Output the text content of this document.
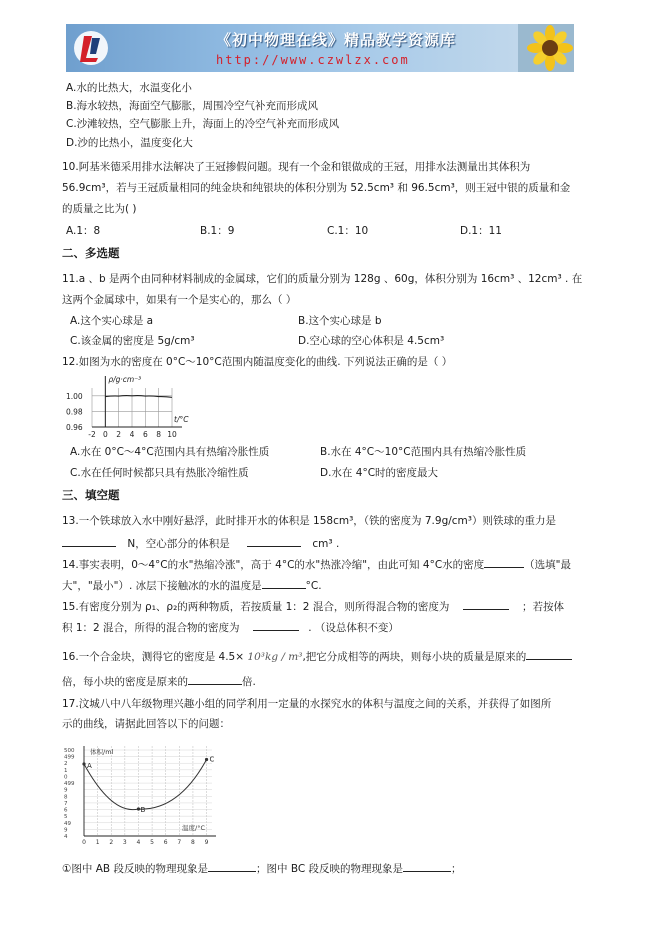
《初中物理在线》精品教学资源库
http://www.czwlzx.com
A.水的比热大，水温变化小
B.海水较热，海面空气膨胀，周围冷空气补充而形成风
C.沙滩较热，空气膨胀上升，海面上的冷空气补充而形成风
D.沙的比热小，温度变化大
10.阿基米德采用排水法解决了王冠掺假问题。现有一个金和银做成的王冠，用排水法测量出其体积为
56.9cm³，若与王冠质量相同的纯金块和纯银块的体积分别为 52.5cm³ 和 96.5cm³，则王冠中银的质量和金
的质量之比为( )
A.1：8	B.1：9	C.1：10	D.1：11
二、多选题
11.a 、b 是两个由同种材料制成的金属球，它们的质量分别为 128g 、60g，体积分别为 16cm³ 、12cm³ . 在
这两个金属球中，如果有一个是实心的，那么（ ）
A.这个实心球是 a	B.这个实心球是 b
C.该金属的密度是 5g/cm³	D.空心球的空心体积是 4.5cm³
12.如图为水的密度在 0°C～10°C范围内随温度变化的曲线. 下列说法正确的是（ ）
ρ/g·cm⁻³
t/°C
1.00
0.98
0.96
-2 0 2 4 6 8 10
A.水在 0°C～4°C范围内具有热缩冷胀性质	B.水在 4°C～10°C范围内具有热缩冷胀性质
C.水在任何时候都只具有热胀冷缩性质	D.水在 4°C时的密度最大
三、填空题
13.一个铁球放入水中刚好悬浮，此时排开水的体积是 158cm³，（铁的密度为 7.9g/cm³）则铁球的重力是
N，空心部分的体积是	cm³ .
14.事实表明，0～4°C的水"热缩冷涨"，高于 4°C的水"热涨冷缩"，由此可知 4°C水的密度	（选填"最
大"，"最小"）. 冰层下接触冰的水的温度是	°C.
15.有密度分别为 ρ₁、ρ₂的两种物质，若按质量 1：2 混合，则所得混合物的密度为	；若按体
积 1：2 混合，所得的混合物的密度为	. （设总体积不变）
16.一个合金块，测得它的密度是 4.5× 10³kg / m³,把它分成相等的两块，则每小块的质量是原来的
倍，每小块的密度是原来的	倍.
17.汶城八中八年级物理兴趣小组的同学利用一定量的水探究水的体积与温度之间的关系，并获得了如图所
示的曲线，请据此回答以下的问题：
500
499
2
1
0
499
9
8
7
6
5
49
9
4
0 1 2 3 4 5 6 7 8 9
体积/ml
温度/°C
A
B
C
①图中 AB 段反映的物理现象是	；图中 BC 段反映的物理现象是	；
